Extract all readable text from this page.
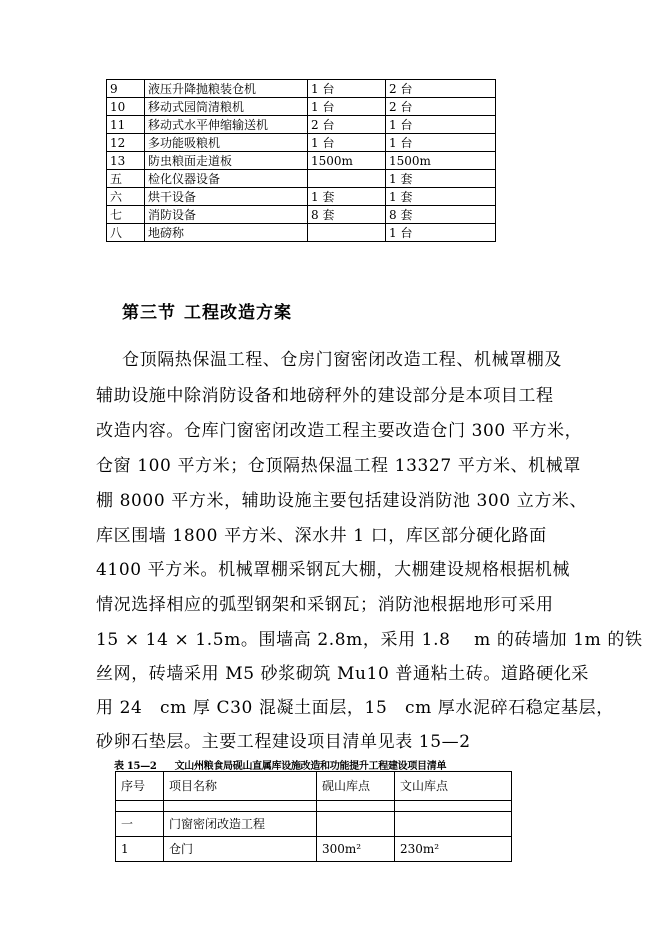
9	液压升降抛粮装仓机	1 台	2 台
10	移动式园筒清粮机	1 台	2 台
11	移动式水平伸缩输送机	2 台	1 台
12	多功能吸粮机	1 台	1 台
13	防虫粮面走道板	1500m	1500m
五	检化仪器设备		1 套
六	烘干设备	1 套	1 套
七	消防设备	8 套	8 套
八	地磅称		1 台
第三节 工程改造方案

仓顶隔热保温工程、仓房门窗密闭改造工程、机械罩棚及

辅助设施中除消防设备和地磅秤外的建设部分是本项目工程

改造内容。仓库门窗密闭改造工程主要改造仓门 300 平方米，

仓窗 100 平方米；仓顶隔热保温工程 13327 平方米、机械罩

棚 8000 平方米，辅助设施主要包括建设消防池 300 立方米、

库区围墙 1800 平方米、深水井 1 口，库区部分硬化路面

4100 平方米。机械罩棚采钢瓦大棚，大棚建设规格根据机械

情况选择相应的弧型钢架和采钢瓦；消防池根据地形可采用

15 × 14 × 1.5m。围墙高 2.8m，采用 1.8　 m 的砖墙加 1m 的铁

丝网，砖墙采用 M5 砂浆砌筑 Mu10 普通粘土砖。道路硬化采

用 24　cm 厚 C30 混凝土面层，15　cm 厚水泥碎石稳定基层，

砂卵石垫层。主要工程建设项目清单见表 15—2

表 15—2 文山州粮食局砚山直属库设施改造和功能提升工程建设项目清单

序号	项目名称	砚山库点	文山库点

一	门窗密闭改造工程		
1	仓门	300m²	230m²
